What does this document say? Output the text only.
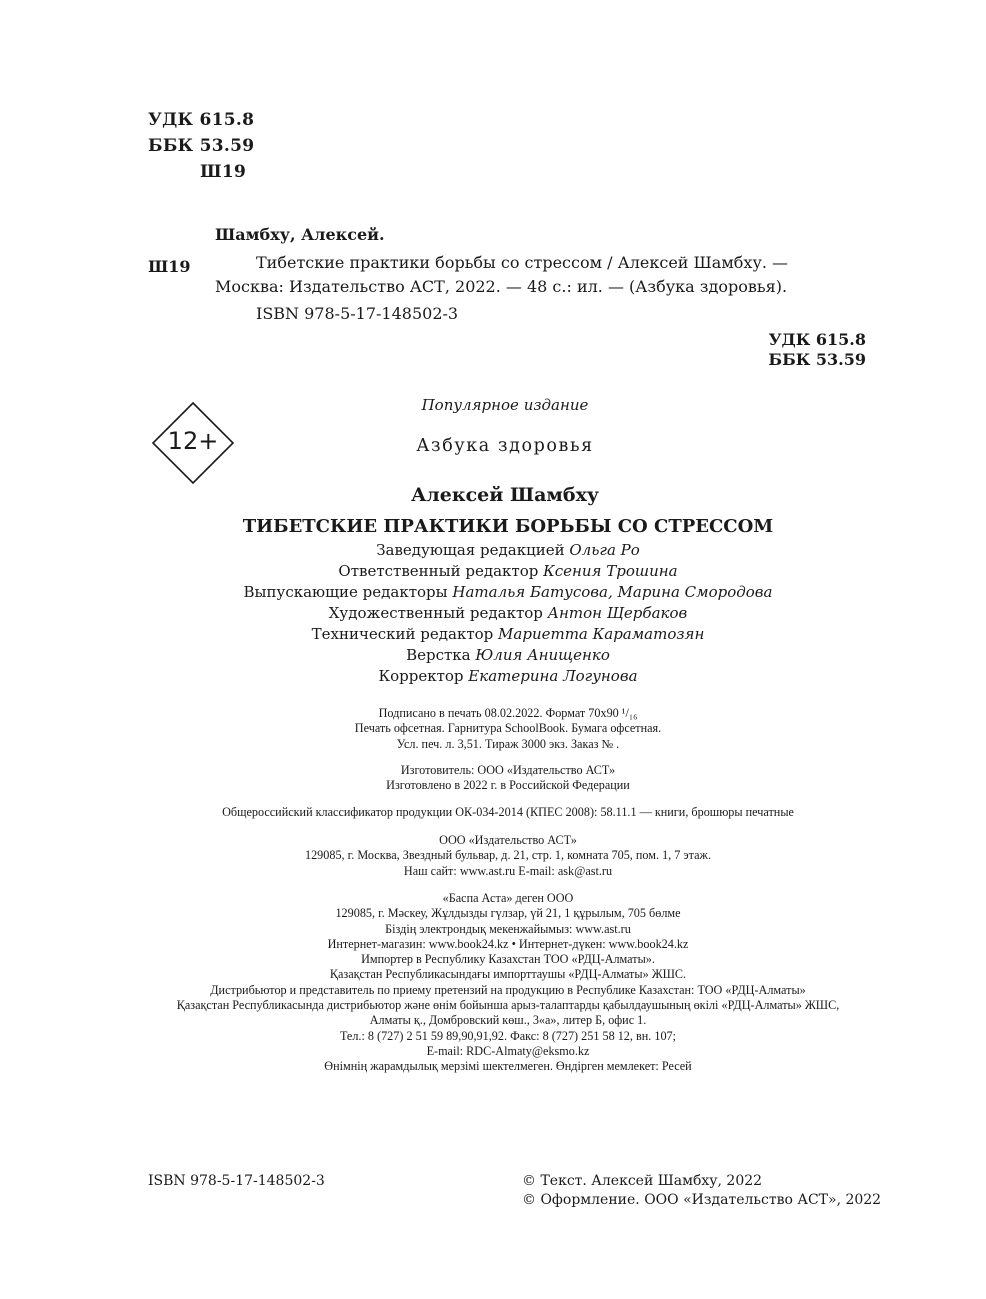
УДК 615.8
ББК 53.59
Ш19
Шамбху, Алексей.
Ш19	Тибетские практики борьбы со стрессом / Алексей Шамбху. —
Москва: Издательство АСТ, 2022. — 48 с.: ил. — (Азбука здоровья).
ISBN 978-5-17-148502-3
УДК 615.8
ББК 53.59
12+
Популярное издание
Азбука здоровья
Алексей Шамбху
ТИБЕТСКИЕ ПРАКТИКИ БОРЬБЫ СО СТРЕССОМ
Заведующая редакцией Ольга Ро
Ответственный редактор Ксения Трошина
Выпускающие редакторы Наталья Батусова, Марина Смородова
Художественный редактор Антон Щербаков
Технический редактор Мариетта Караматозян
Верстка Юлия Анищенко
Корректор Екатерина Логунова
Подписано в печать 08.02.2022. Формат 70х90 ¹/₁₆
Печать офсетная. Гарнитура SchoolBook. Бумага офсетная.
Усл. печ. л. 3,51. Тираж 3000 экз. Заказ № .
Изготовитель: ООО «Издательство АСТ»
Изготовлено в 2022 г. в Российской Федерации
Общероссийский классификатор продукции ОК-034-2014 (КПЕС 2008): 58.11.1 — книги, брошюры печатные
ООО «Издательство АСТ»
129085, г. Москва, Звездный бульвар, д. 21, стр. 1, комната 705, пом. 1, 7 этаж.
Наш сайт: www.ast.ru E-mail: ask@ast.ru
«Баспа Аста» деген ООО
129085, г. Мәскеу, Жұлдызды гүлзар, үй 21, 1 құрылым, 705 бөлме
Біздің электрондық мекенжайымыз: www.ast.ru
Интернет-магазин: www.book24.kz • Интернет-дүкен: www.book24.kz
Импортер в Республику Казахстан ТОО «РДЦ-Алматы».
Қазақстан Республикасындағы импорттаушы «РДЦ-Алматы» ЖШС.
Дистрибьютор и представитель по приему претензий на продукцию в Республике Казахстан: ТОО «РДЦ-Алматы»
Қазақстан Республикасында дистрибьютор және өнім бойынша арыз-талаптарды қабылдаушының өкілі «РДЦ-Алматы» ЖШС,
Алматы қ., Домбровский көш., 3«а», литер Б, офис 1.
Тел.: 8 (727) 2 51 59 89,90,91,92. Факс: 8 (727) 251 58 12, вн. 107;
E-mail: RDC-Almaty@eksmo.kz
Өнімнің жарамдылық мерзімі шектелмеген. Өндірген мемлекет: Ресей
ISBN 978-5-17-148502-3	© Текст. Алексей Шамбху, 2022
© Оформление. ООО «Издательство АСТ», 2022
